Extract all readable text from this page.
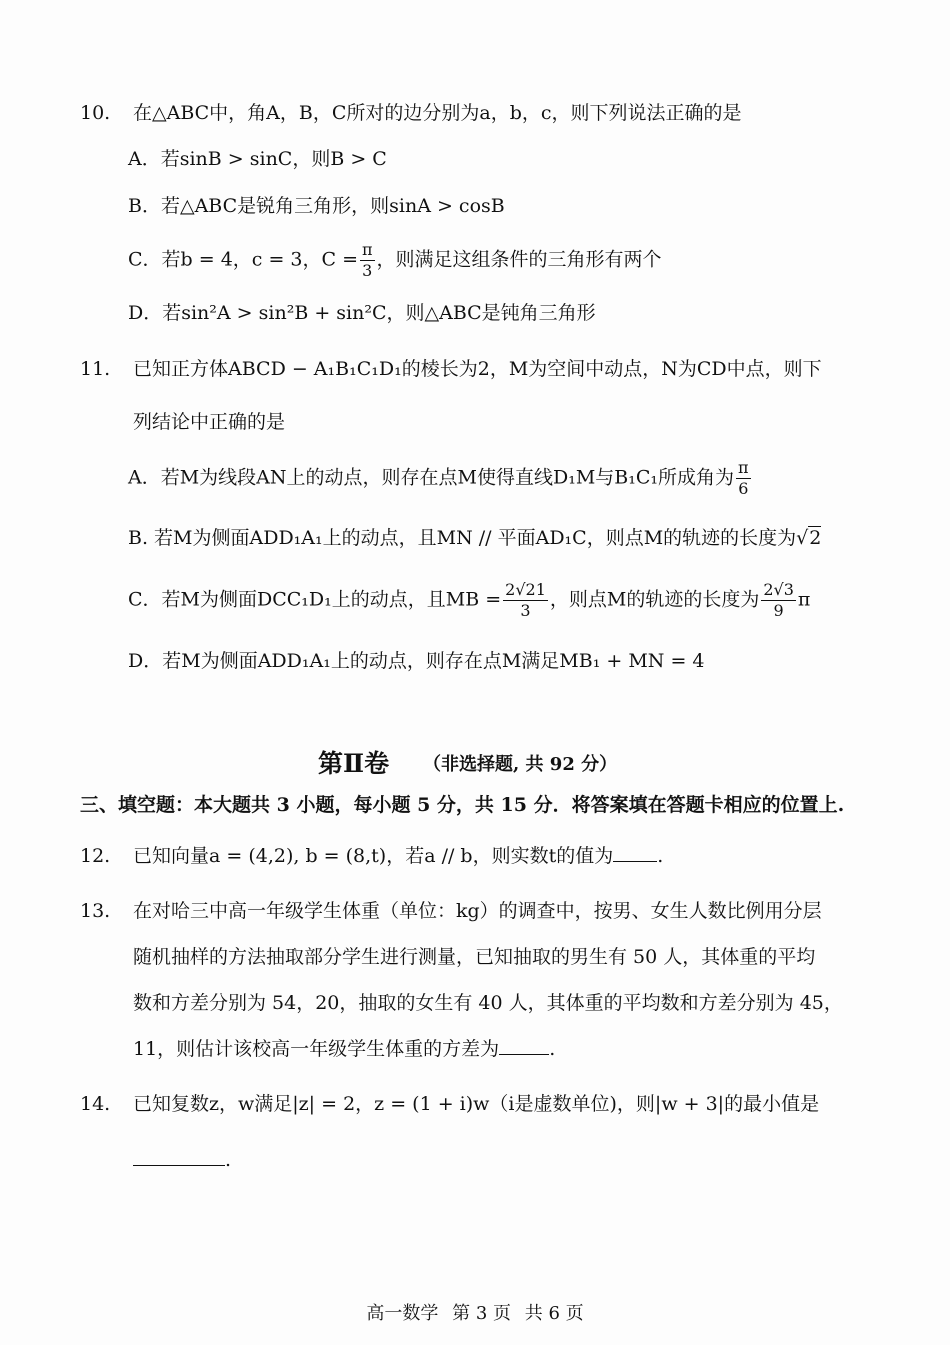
10. 在△ABC中，角A，B，C所对的边分别为a，b，c，则下列说法正确的是
A．若sinB > sinC，则B > C
B．若△ABC是锐角三角形，则sinA > cosB
C．若b = 4，c = 3，$C = \frac{\pi}{3}$ ，则满足这组条件的三角形有两个
D．若sin²A > sin²B + sin²C，则△ABC是钝角三角形
11. 已知正方体ABCD − A₁B₁C₁D₁的棱长为2，M为空间中动点，N为CD中点，则下
列结论中正确的是
A．若M为线段AN上的动点，则存在点M使得直线D₁M与B₁C₁所成角为 $\frac{\pi}{6}$
B. 若M为侧面ADD₁A₁上的动点，且MN // 平面AD₁C，则点M的轨迹的长度为√2
C．若M为侧面DCC₁D₁上的动点，且MB = $\frac{2√21}{3}$ ，则点M的轨迹的长度为 $\frac{2√3}{9}$ π
D．若M为侧面ADD₁A₁上的动点，则存在点M满足MB₁ + MN = 4
第Ⅱ卷 （非选择题, 共 92 分）
三、填空题：本大题共 3 小题，每小题 5 分，共 15 分．将答案填在答题卡相应的位置上.
12. 已知向量a = (4,2), b = (8,t)，若a // b，则实数t的值为 .
13. 在对哈三中高一年级学生体重（单位：kg）的调查中，按男、女生人数比例用分层
随机抽样的方法抽取部分学生进行测量，已知抽取的男生有 50 人，其体重的平均
数和方差分别为 54，20，抽取的女生有 40 人，其体重的平均数和方差分别为 45，
11，则估计该校高一年级学生体重的方差为	.
14. 已知复数z，w满足|z| = 2，z = (1 + i)w（i是虚数单位)，则|w + 3|的最小值是
.
高一数学 第 3 页 共 6 页
